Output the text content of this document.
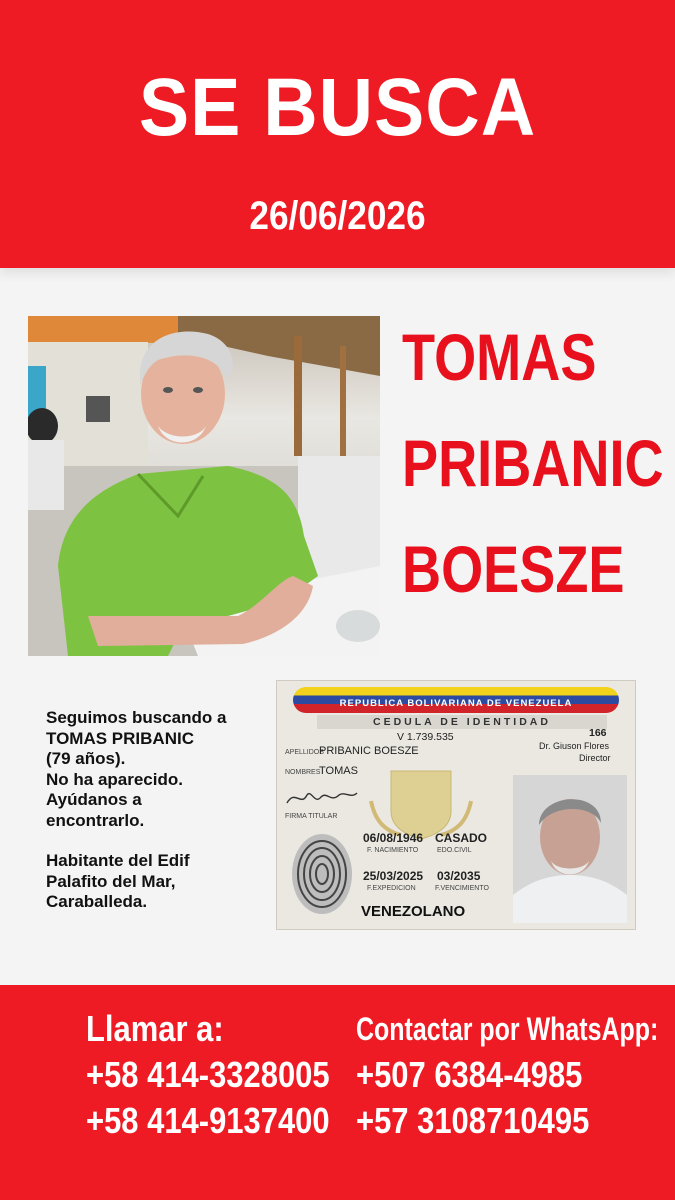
SE BUSCA
26/06/2026
TOMAS
PRIBANIC
BOESZE

Seguimos buscando a

TOMAS PRIBANIC

(79 años).

No ha aparecido.

Ayúdanos a

encontrarlo.

Habitante del Edif

Palafito del Mar,

Caraballeda.

REPUBLICA BOLIVARIANA DE VENEZUELA
CEDULA DE IDENTIDAD
V 1.739.535	166
Dr. Giuson Flores
Director
APELLIDOS
PRIBANIC BOESZE
NOMBRES
TOMAS
FIRMA TITULAR
06/08/1946
F. NACIMIENTO
CASADO
EDO.CIVIL
25/03/2025
F.EXPEDICION
03/2035
F.VENCIMIENTO
VENEZOLANO
Llamar a:
+58 414-3328005
+58 414-9137400
Contactar por WhatsApp:
+507 6384-4985
+57 3108710495
